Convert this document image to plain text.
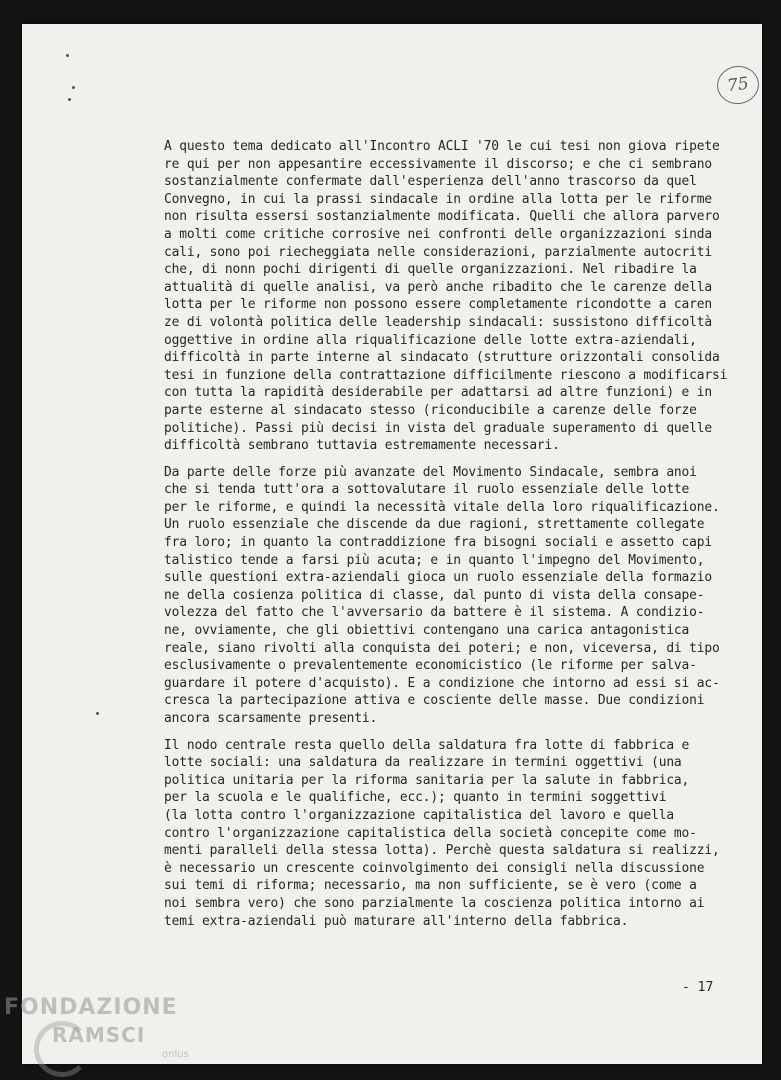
75
A questo tema dedicato all'Incontro ACLI '70 le cui tesi non giova ripete
re qui per non appesantire eccessivamente il discorso; e che ci sembrano
sostanzialmente confermate dall'esperienza dell'anno trascorso da quel
Convegno, in cui la prassi sindacale in ordine alla lotta per le riforme
non risulta essersi sostanzialmente modificata. Quelli che allora parvero
a molti come critiche corrosive nei confronti delle organizzazioni sinda
cali, sono poi riecheggiata nelle considerazioni, parzialmente autocriti
che, di nonn pochi dirigenti di quelle organizzazioni. Nel ribadire la
attualità di quelle analisi, va però anche ribadito che le carenze della
lotta per le riforme non possono essere completamente ricondotte a caren
ze di volontà politica delle leadership sindacali: sussistono difficoltà
oggettive in ordine alla riqualificazione delle lotte extra-aziendali,
difficoltà in parte interne al sindacato (strutture orizzontali consolida
tesi in funzione della contrattazione difficilmente riescono a modificarsi
con tutta la rapidità desiderabile per adattarsi ad altre funzioni) e in
parte esterne al sindacato stesso (riconducibile a carenze delle forze
politiche). Passi più decisi in vista del graduale superamento di quelle
difficoltà sembrano tuttavia estremamente necessari.
Da parte delle forze più avanzate del Movimento Sindacale, sembra anoi
che si tenda tutt'ora a sottovalutare il ruolo essenziale delle lotte
per le riforme, e quindi la necessità vitale della loro riqualificazione.
Un ruolo essenziale che discende da due ragioni, strettamente collegate
fra loro; in quanto la contraddizione fra bisogni sociali e assetto capi
talistico tende a farsi più acuta; e in quanto l'impegno del Movimento,
sulle questioni extra-aziendali gioca un ruolo essenziale della formazio
ne della cosienza politica di classe, dal punto di vista della consape-
volezza del fatto che l'avversario da battere è il sistema. A condizio-
ne, ovviamente, che gli obiettivi contengano una carica antagonistica
reale, siano rivolti alla conquista dei poteri; e non, viceversa, di tipo
esclusivamente o prevalentemente economicistico (le riforme per salva-
guardare il potere d'acquisto). E a condizione che intorno ad essi si ac-
cresca la partecipazione attiva e cosciente delle masse. Due condizioni
ancora scarsamente presenti.
Il nodo centrale resta quello della saldatura fra lotte di fabbrica e
lotte sociali: una saldatura da realizzare in termini oggettivi (una
politica unitaria per la riforma sanitaria per la salute in fabbrica,
per la scuola e le qualifiche, ecc.); quanto in termini soggettivi
(la lotta contro l'organizzazione capitalistica del lavoro e quella
contro l'organizzazione capitalistica della società concepite come mo-
menti paralleli della stessa lotta). Perchè questa saldatura si realizzi,
è necessario un crescente coinvolgimento dei consigli nella discussione
sui temi di riforma; necessario, ma non sufficiente, se è vero (come a
noi sembra vero) che sono parzialmente la coscienza politica intorno ai
temi extra-aziendali può maturare all'interno della fabbrica.
- 17
FONDAZIONE
RAMSCI
onlus
